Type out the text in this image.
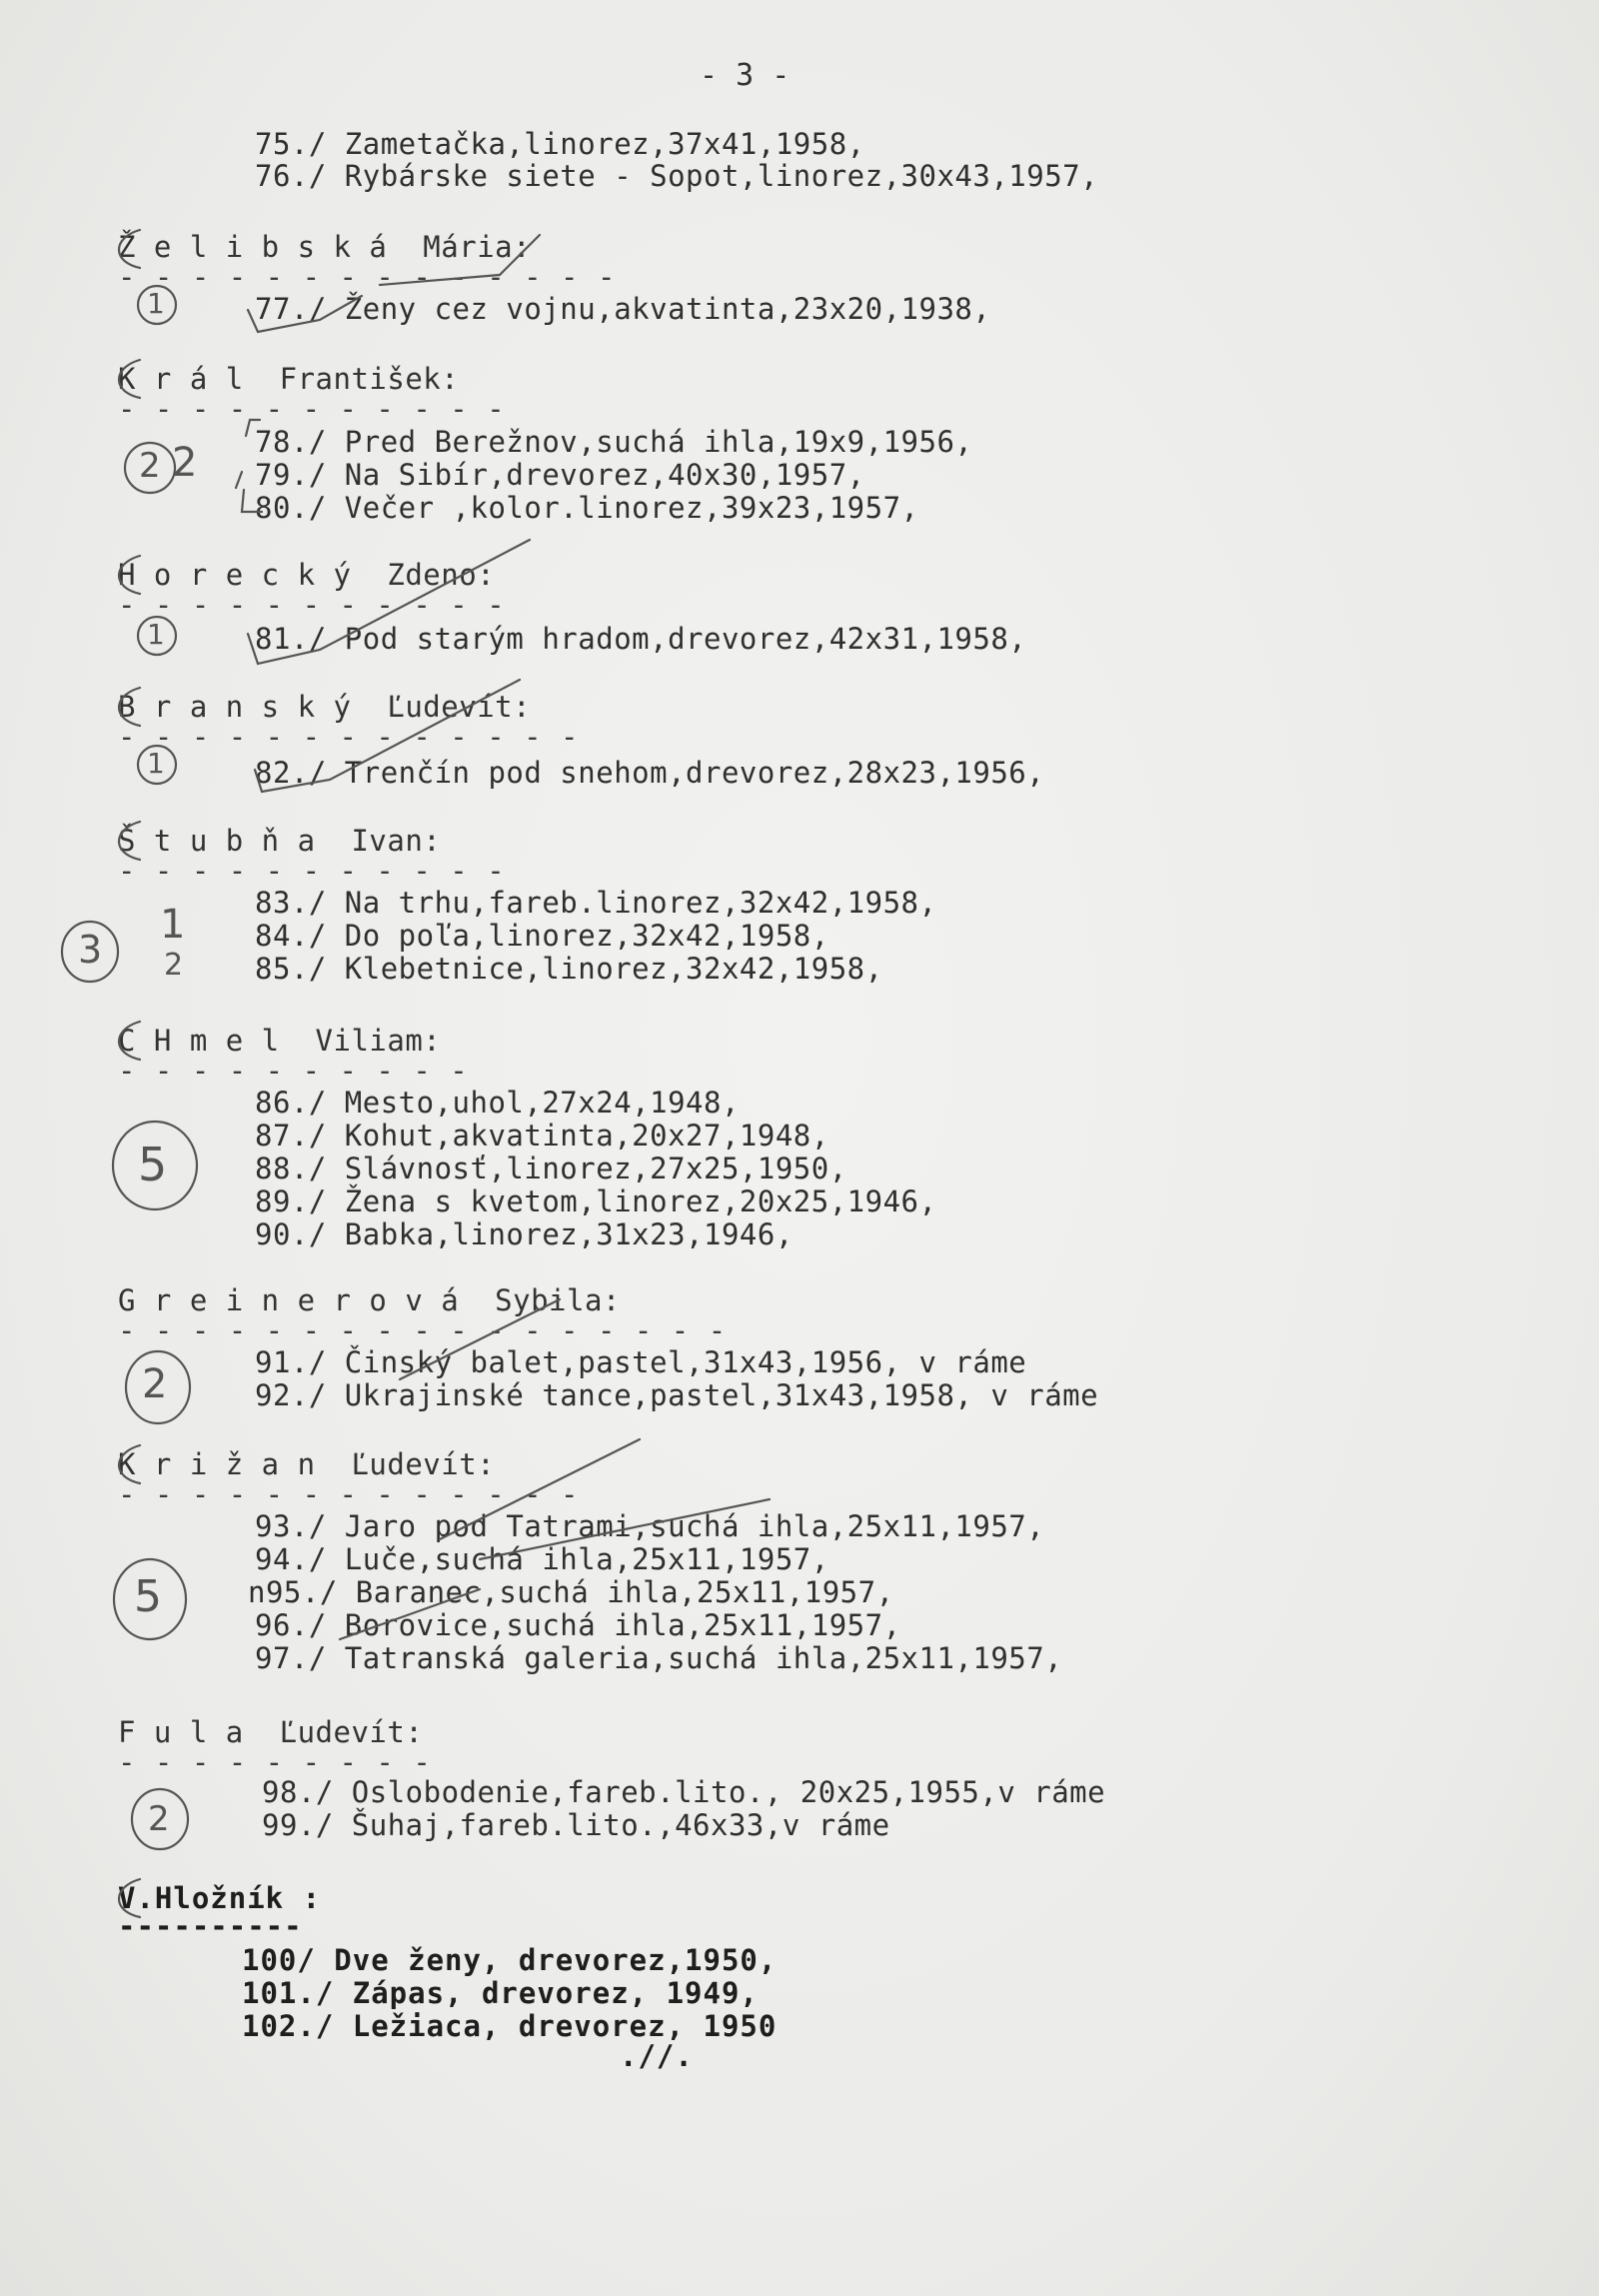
- 3 -
75./ Zametačka,linorez,37x41,1958,
76./ Rybárske siete - Sopot,linorez,30x43,1957,
Ž e l i b s k á  Mária:
- - - - - - - - - - - - - -
77./ Ženy cez vojnu,akvatinta,23x20,1938,
K r á l  František:
- - - - - - - - - - -
78./ Pred Berežnov,suchá ihla,19x9,1956,
79./ Na Sibír,drevorez,40x30,1957,
80./ Večer ,kolor.linorez,39x23,1957,
H o r e c k ý  Zdeno:
- - - - - - - - - - -
81./ Pod starým hradom,drevorez,42x31,1958,
B r a n s k ý  Ľudevít:
- - - - - - - - - - - - -
82./ Trenčín pod snehom,drevorez,28x23,1956,
Š t u b ň a  Ivan:
- - - - - - - - - - -
83./ Na trhu,fareb.linorez,32x42,1958,
84./ Do poľa,linorez,32x42,1958,
85./ Klebetnice,linorez,32x42,1958,
C H m e l  Viliam:
- - - - - - - - - -
86./ Mesto,uhol,27x24,1948,
87./ Kohut,akvatinta,20x27,1948,
88./ Slávnosť,linorez,27x25,1950,
89./ Žena s kvetom,linorez,20x25,1946,
90./ Babka,linorez,31x23,1946,
G r e i n e r o v á  Sybila:
- - - - - - - - - - - - - - - - -
91./ Činský balet,pastel,31x43,1956, v ráme
92./ Ukrajinské tance,pastel,31x43,1958, v ráme
K r i ž a n  Ľudevít:
- - - - - - - - - - - - -
93./ Jaro pod Tatrami,suchá ihla,25x11,1957,
94./ Luče,suchá ihla,25x11,1957,
n95./ Baranec,suchá ihla,25x11,1957,
96./ Borovice,suchá ihla,25x11,1957,
97./ Tatranská galeria,suchá ihla,25x11,1957,
F u l a  Ľudevít:
- - - - - - - - -
98./ Oslobodenie,fareb.lito., 20x25,1955,v ráme
99./ Šuhaj,fareb.lito.,46x33,v ráme
V.Hložník :
----------
100/ Dve ženy, drevorez,1950,
101./ Zápas, drevorez, 1949,
102./ Ležiaca, drevorez, 1950
.//.
1
2 2
1
1
3
1
2
5
2
5
2
